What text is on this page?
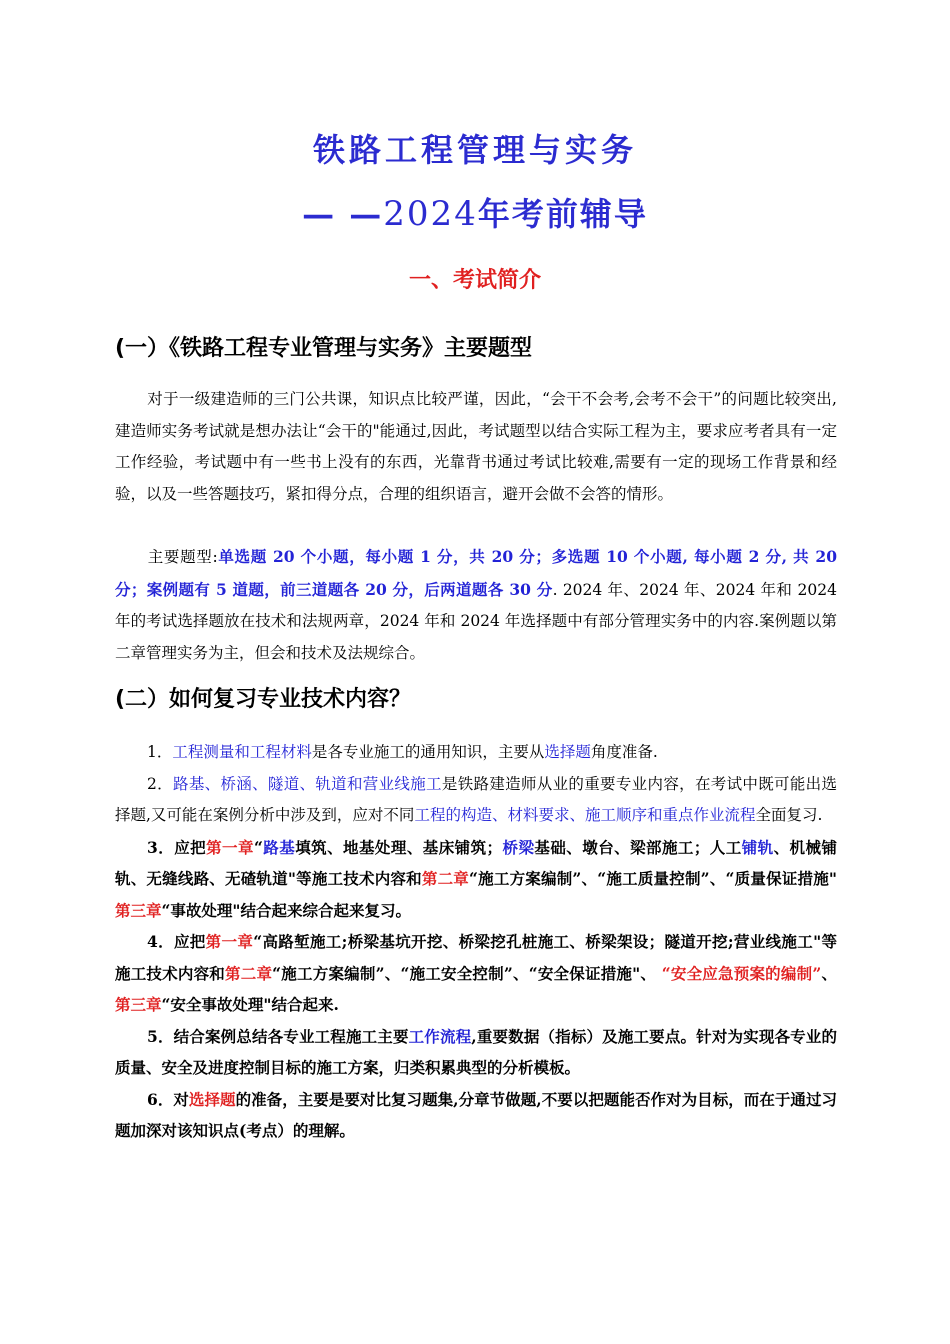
铁路工程管理与实务
— —2024年考前辅导
一、考试简介
(一）《铁路工程专业管理与实务》主要题型

对于一级建造师的三门公共课，知识点比较严谨，因此，“会干不会考,会考不会干”的问题比较突出,建造师实务考试就是想办法让“会干的"能通过,因此，考试题型以结合实际工程为主，要求应考者具有一定工作经验，考试题中有一些书上没有的东西，光靠背书通过考试比较难,需要有一定的现场工作背景和经验，以及一些答题技巧，紧扣得分点，合理的组织语言，避开会做不会答的情形。

主要题型:单选题 20 个小题，每小题 1 分，共 20 分；多选题 10 个小题, 每小题 2 分, 共 20 分；案例题有 5 道题，前三道题各 20 分，后两道题各 30 分. 2024 年、2024 年、2024 年和 2024 年的考试选择题放在技术和法规两章，2024 年和 2024 年选择题中有部分管理实务中的内容.案例题以第二章管理实务为主，但会和技术及法规综合。

(二）如何复习专业技术内容？

1．工程测量和工程材料是各专业施工的通用知识，主要从选择题角度准备.

2．路基、桥涵、隧道、轨道和营业线施工是铁路建造师从业的重要专业内容，在考试中既可能出选择题,又可能在案例分析中涉及到，应对不同工程的构造、材料要求、施工顺序和重点作业流程全面复习.

3．应把第一章“路基填筑、地基处理、基床铺筑；桥梁基础、墩台、梁部施工；人工铺轨、机械铺轨、无缝线路、无碴轨道"等施工技术内容和第二章“施工方案编制”、“施工质量控制”、“质量保证措施" 第三章“事故处理"结合起来综合起来复习。

4．应把第一章“高路堑施工;桥梁基坑开挖、桥梁挖孔桩施工、桥梁架设；隧道开挖;营业线施工"等施工技术内容和第二章“施工方案编制”、“施工安全控制”、“安全保证措施"、 “安全应急预案的编制”、第三章“安全事故处理"结合起来.

5．结合案例总结各专业工程施工主要工作流程,重要数据（指标）及施工要点。针对为实现各专业的质量、安全及进度控制目标的施工方案，归类积累典型的分析模板。

6．对选择题的准备，主要是要对比复习题集,分章节做题,不要以把题能否作对为目标，而在于通过习题加深对该知识点(考点）的理解。
